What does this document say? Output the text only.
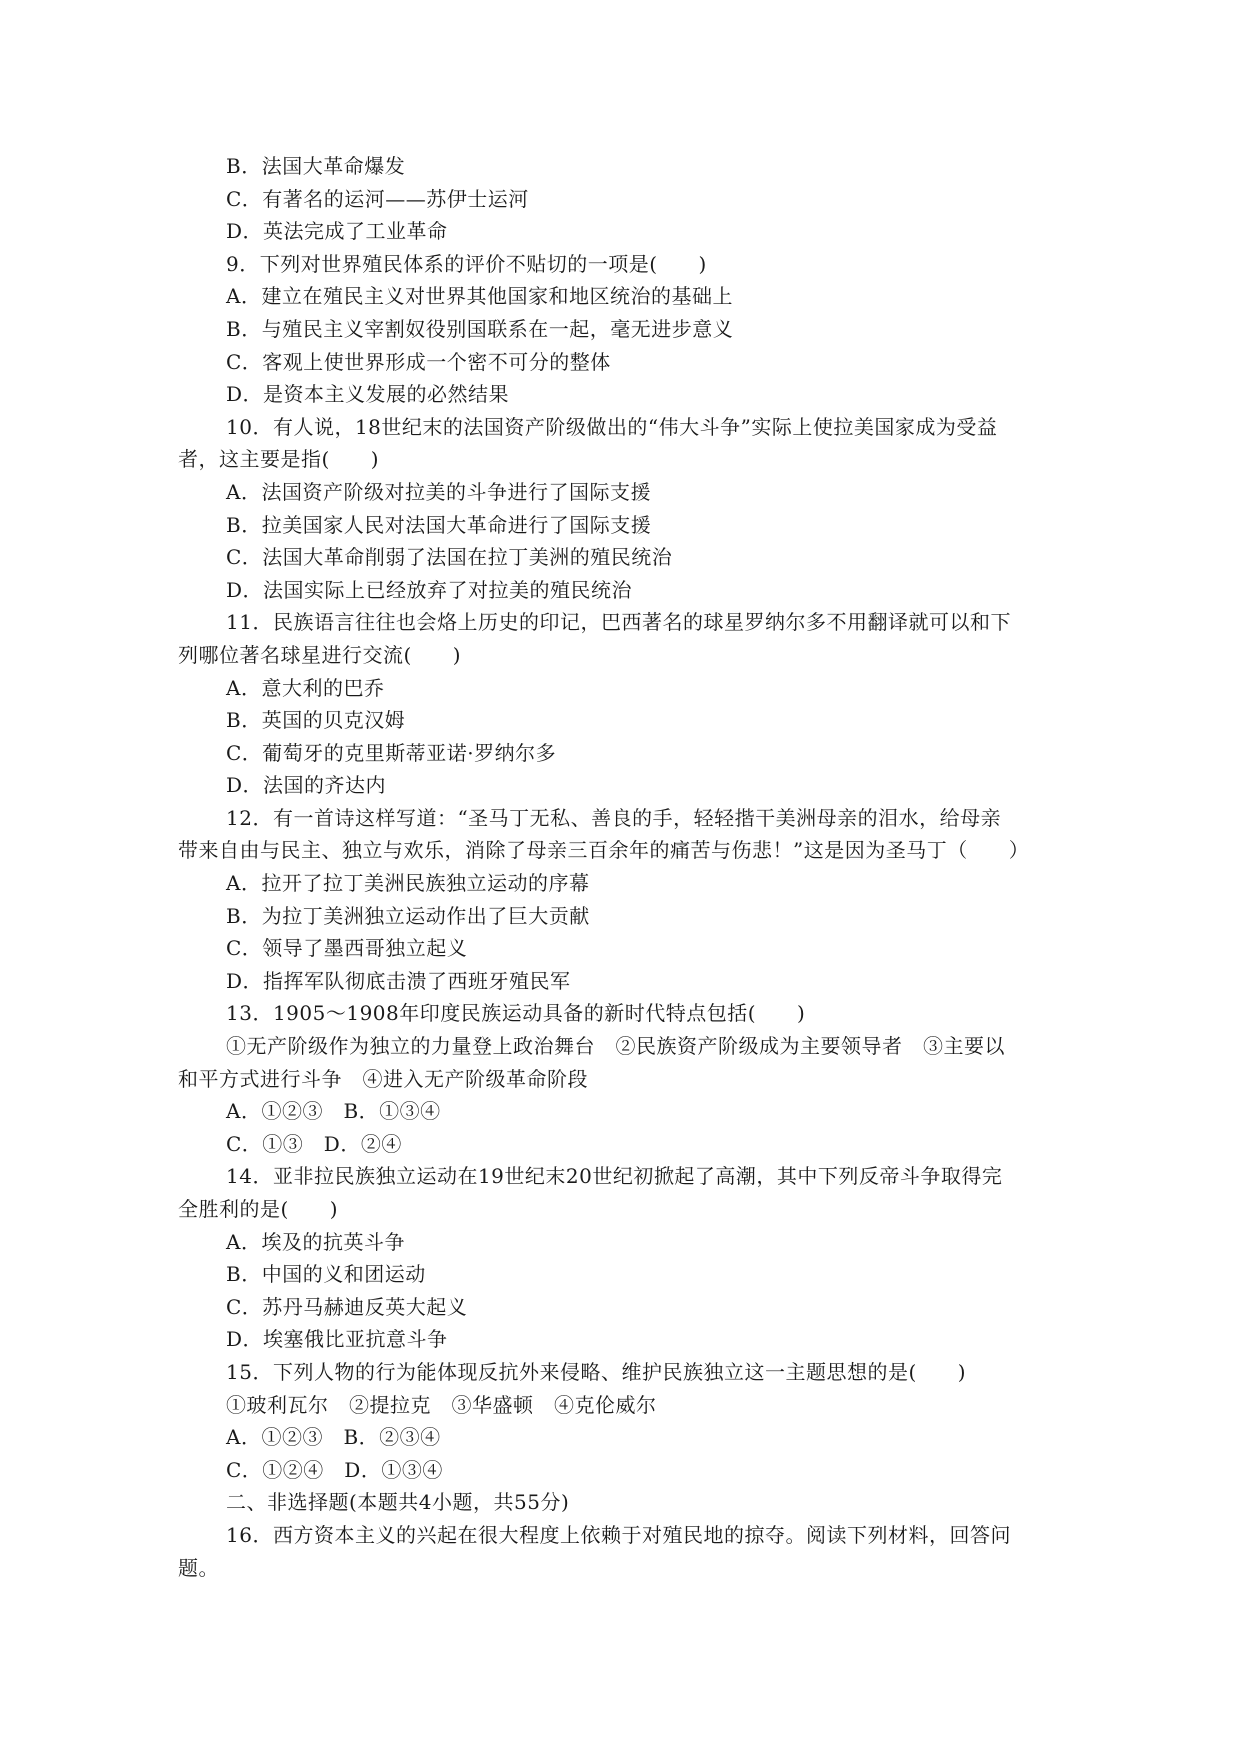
B．法国大革命爆发
C．有著名的运河——苏伊士运河
D．英法完成了工业革命
9．下列对世界殖民体系的评价不贴切的一项是(　　)
A．建立在殖民主义对世界其他国家和地区统治的基础上
B．与殖民主义宰割奴役别国联系在一起，毫无进步意义
C．客观上使世界形成一个密不可分的整体
D．是资本主义发展的必然结果
10．有人说，18世纪末的法国资产阶级做出的“伟大斗争”实际上使拉美国家成为受益
者，这主要是指(　　)
A．法国资产阶级对拉美的斗争进行了国际支援
B．拉美国家人民对法国大革命进行了国际支援
C．法国大革命削弱了法国在拉丁美洲的殖民统治
D．法国实际上已经放弃了对拉美的殖民统治
11．民族语言往往也会烙上历史的印记，巴西著名的球星罗纳尔多不用翻译就可以和下
列哪位著名球星进行交流(　　)
A．意大利的巴乔
B．英国的贝克汉姆
C．葡萄牙的克里斯蒂亚诺·罗纳尔多
D．法国的齐达内
12．有一首诗这样写道：“圣马丁无私、善良的手，轻轻揩干美洲母亲的泪水，给母亲
带来自由与民主、独立与欢乐，消除了母亲三百余年的痛苦与伤悲！”这是因为圣马丁（　　）
A．拉开了拉丁美洲民族独立运动的序幕
B．为拉丁美洲独立运动作出了巨大贡献
C．领导了墨西哥独立起义
D．指挥军队彻底击溃了西班牙殖民军
13．1905～1908年印度民族运动具备的新时代特点包括(　　)
①无产阶级作为独立的力量登上政治舞台　②民族资产阶级成为主要领导者　③主要以
和平方式进行斗争　④进入无产阶级革命阶段
A．①②③　B．①③④
C．①③　D．②④
14．亚非拉民族独立运动在19世纪末20世纪初掀起了高潮，其中下列反帝斗争取得完
全胜利的是(　　)
A．埃及的抗英斗争
B．中国的义和团运动
C．苏丹马赫迪反英大起义
D．埃塞俄比亚抗意斗争
15．下列人物的行为能体现反抗外来侵略、维护民族独立这一主题思想的是(　　)
①玻利瓦尔　②提拉克　③华盛顿　④克伦威尔
A．①②③　B．②③④
C．①②④　D．①③④
二、非选择题(本题共4小题，共55分)
16．西方资本主义的兴起在很大程度上依赖于对殖民地的掠夺。阅读下列材料，回答问
题。
